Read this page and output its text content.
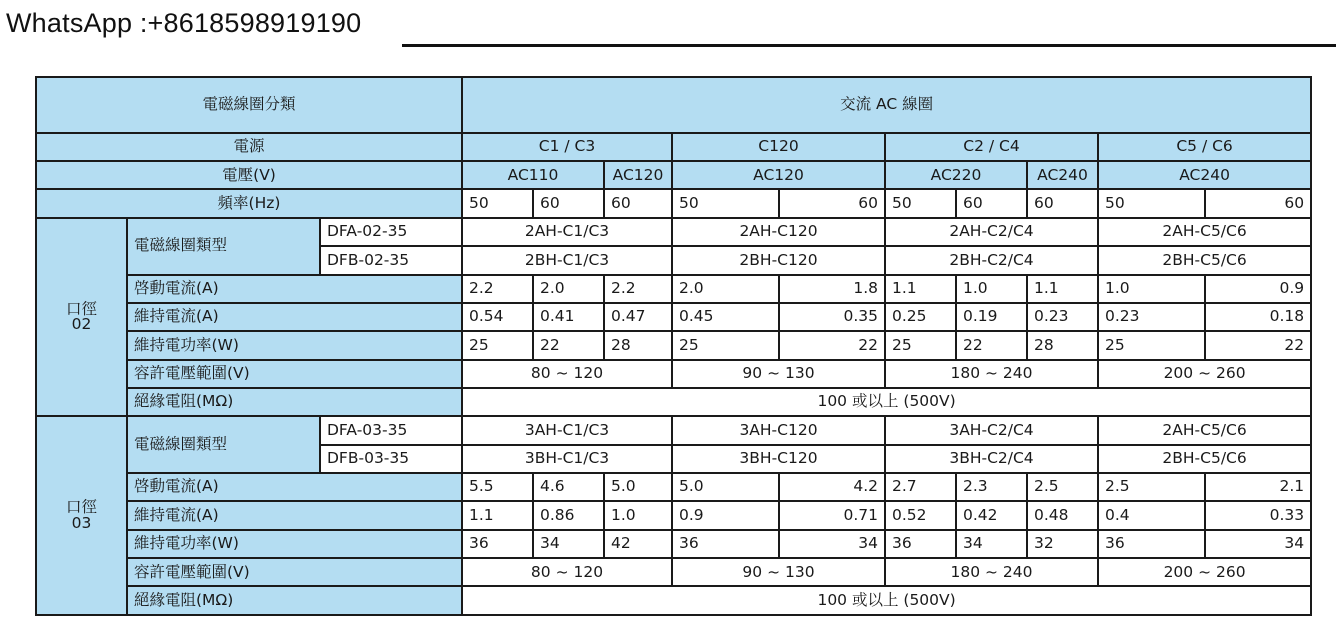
WhatsApp :+8618598919190
電磁線圈分類			交流 AC 線圈									
電源			C1 / C3			C120		C2 / C4			C5 / C6	
電壓(V)			AC110		AC120	AC120		AC220		AC240	AC240	
頻率(Hz)			50	60	60	50	60	50	60	60	50	60

口徑
02	電磁線圈類型	DFA-02-35	2AH-C1/C3			2AH-C120		2AH-C2/C4			2AH-C5/C6	
		DFB-02-35	2BH-C1/C3			2BH-C120		2BH-C2/C4			2BH-C5/C6	
	啓動電流(A)		2.2	2.0	2.2	2.0	1.8	1.1	1.0	1.1	1.0	0.9
	維持電流(A)		0.54	0.41	0.47	0.45	0.35	0.25	0.19	0.23	0.23	0.18
	維持電功率(W)		25	22	28	25	22	25	22	28	25	22
	容許電壓範圍(V)		80 ~ 120			90 ~ 130		180 ~ 240			200 ~ 260	
	絕緣電阻(MΩ)		100 或以上 (500V)									

口徑
03	電磁線圈類型	DFA-03-35	3AH-C1/C3			3AH-C120		3AH-C2/C4			2AH-C5/C6	
		DFB-03-35	3BH-C1/C3			3BH-C120		3BH-C2/C4			2BH-C5/C6	
	啓動電流(A)		5.5	4.6	5.0	5.0	4.2	2.7	2.3	2.5	2.5	2.1
	維持電流(A)		1.1	0.86	1.0	0.9	0.71	0.52	0.42	0.48	0.4	0.33
	維持電功率(W)		36	34	42	36	34	36	34	32	36	34
	容許電壓範圍(V)		80 ~ 120			90 ~ 130		180 ~ 240			200 ~ 260	
	絕緣電阻(MΩ)		100 或以上 (500V)									
